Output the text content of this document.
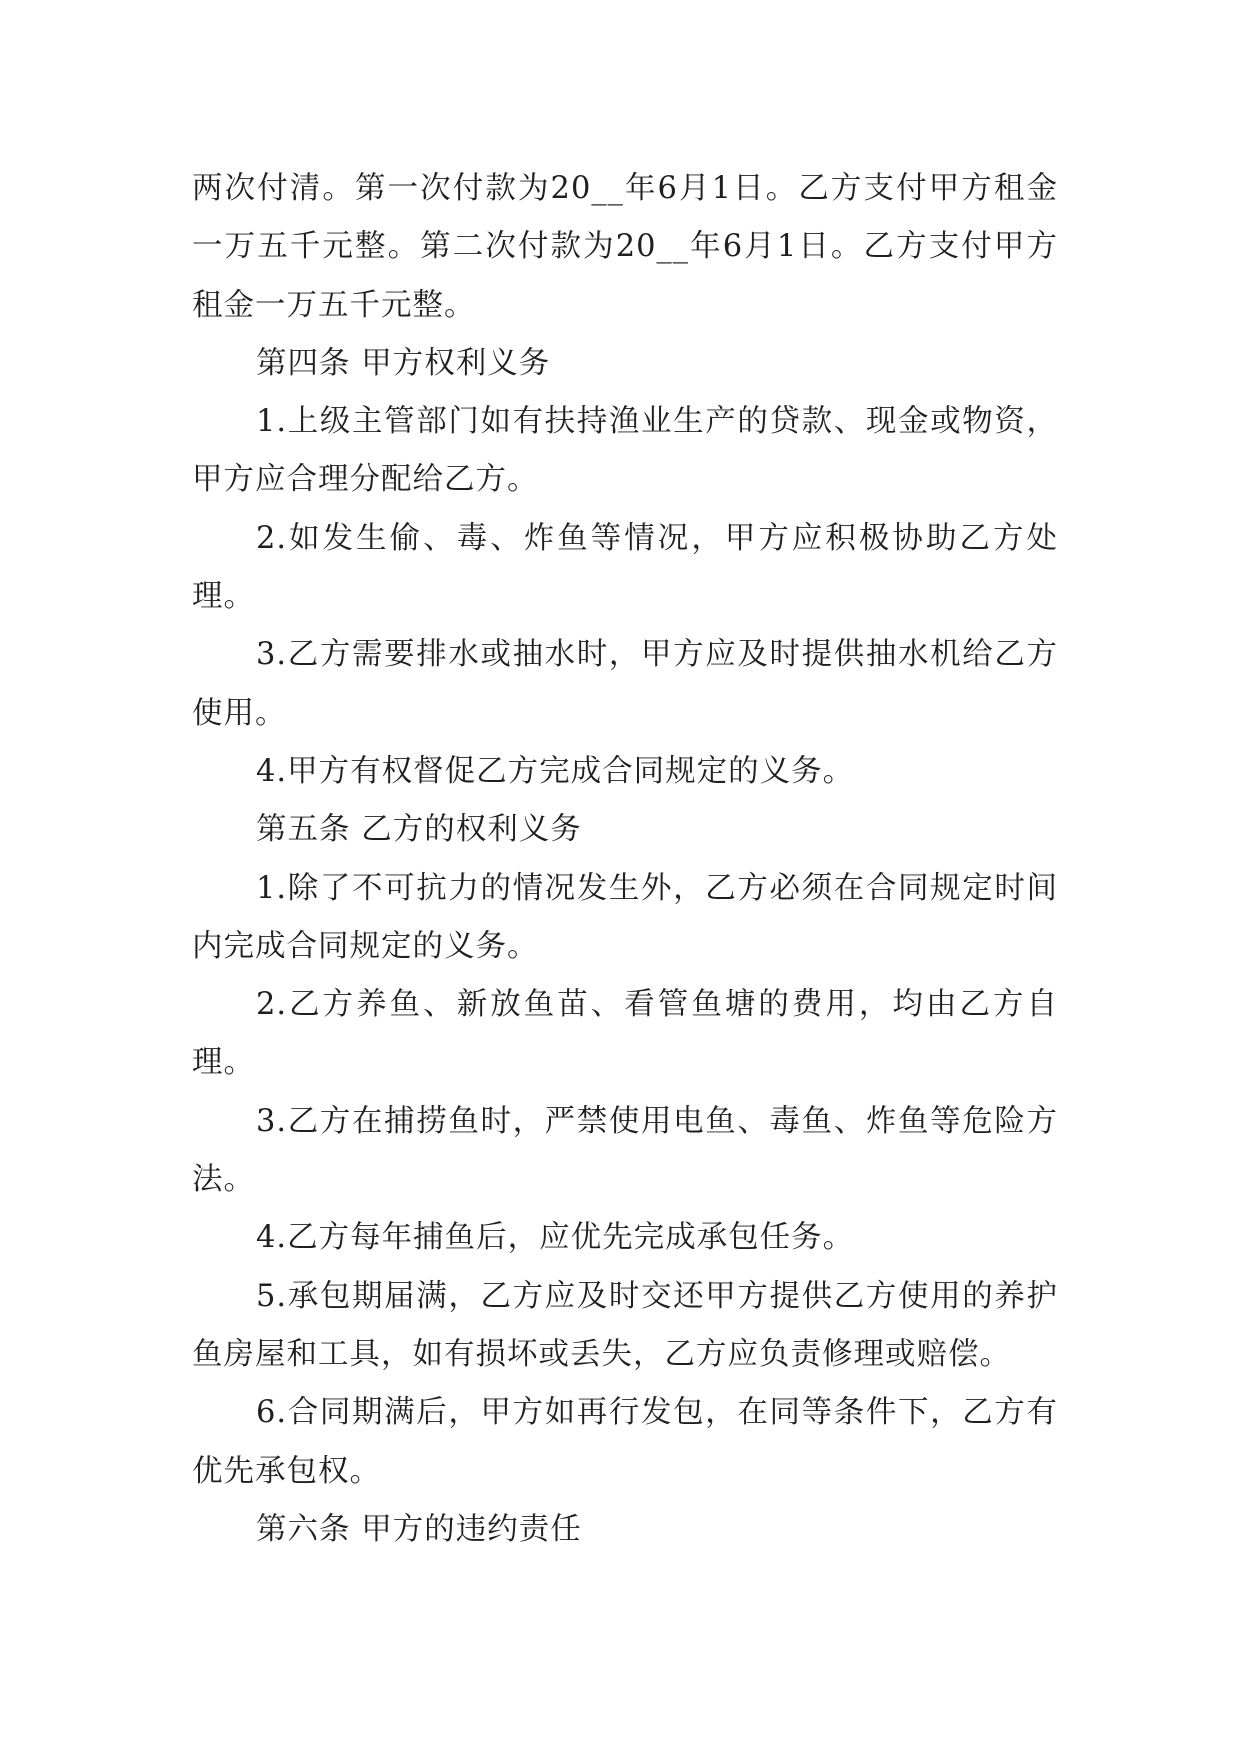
两次付清。第一次付款为20__年6月1日。乙方支付甲方租金一万五千元整。第二次付款为20__年6月1日。乙方支付甲方租金一万五千元整。

第四条 甲方权利义务

1.上级主管部门如有扶持渔业生产的贷款、现金或物资，甲方应合理分配给乙方。

2.如发生偷、毒、炸鱼等情况，甲方应积极协助乙方处理。

3.乙方需要排水或抽水时，甲方应及时提供抽水机给乙方使用。

4.甲方有权督促乙方完成合同规定的义务。

第五条 乙方的权利义务

1.除了不可抗力的情况发生外，乙方必须在合同规定时间内完成合同规定的义务。

2.乙方养鱼、新放鱼苗、看管鱼塘的费用，均由乙方自理。

3.乙方在捕捞鱼时，严禁使用电鱼、毒鱼、炸鱼等危险方法。

4.乙方每年捕鱼后，应优先完成承包任务。

5.承包期届满，乙方应及时交还甲方提供乙方使用的养护鱼房屋和工具，如有损坏或丢失，乙方应负责修理或赔偿。

6.合同期满后，甲方如再行发包，在同等条件下，乙方有优先承包权。

第六条 甲方的违约责任
